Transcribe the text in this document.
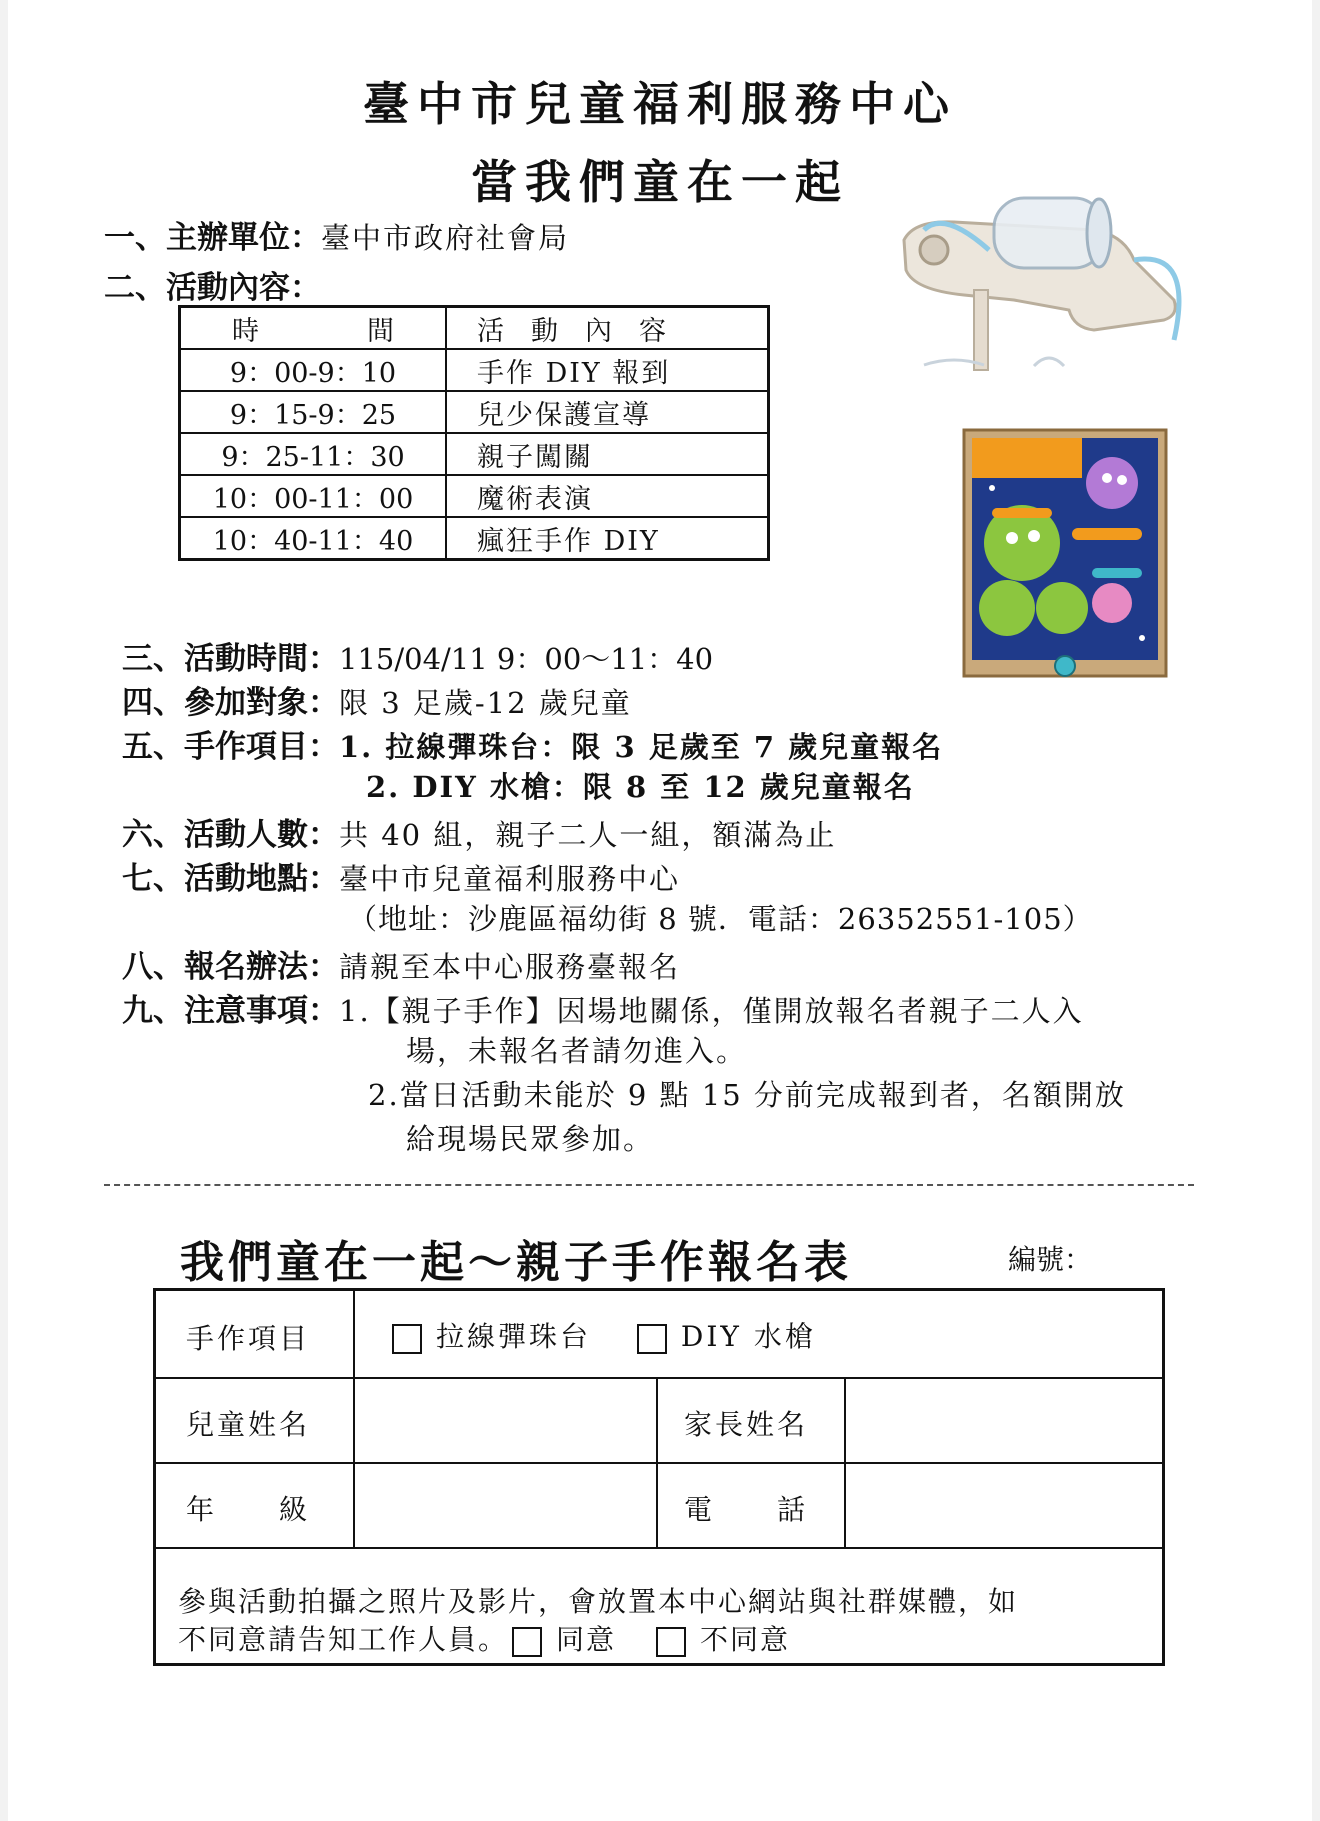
臺中市兒童福利服務中心
當我們童在一起
一、主辦單位：臺中市政府社會局
二、活動內容：
時　　　　間	活　動　內　容
9：00-9：10	手作 DIY 報到
9：15-9：25	兒少保護宣導
9：25-11：30	親子闖關
10：00-11：00	魔術表演
10：40-11：40	瘋狂手作 DIY
三、活動時間：115/04/11 9：00～11：40
四、參加對象：限 3 足歲-12 歲兒童
五、手作項目：1. 拉線彈珠台：限 3 足歲至 7 歲兒童報名
2. DIY 水槍：限 8 至 12 歲兒童報名
六、活動人數：共 40 組，親子二人一組，額滿為止
七、活動地點：臺中市兒童福利服務中心
（地址：沙鹿區福幼街 8 號．電話：26352551-105）
八、報名辦法：請親至本中心服務臺報名
九、注意事項：1.【親子手作】因場地關係，僅開放報名者親子二人入
場，未報名者請勿進入。
2.當日活動未能於 9 點 15 分前完成報到者，名額開放
給現場民眾參加。
我們童在一起～親子手作報名表	編號：
手作項目	拉線彈珠台	DIY 水槍
兒童姓名	家長姓名
年　　級	電　　話
參與活動拍攝之照片及影片，會放置本中心網站與社群媒體，如
不同意請告知工作人員。 同意	不同意
